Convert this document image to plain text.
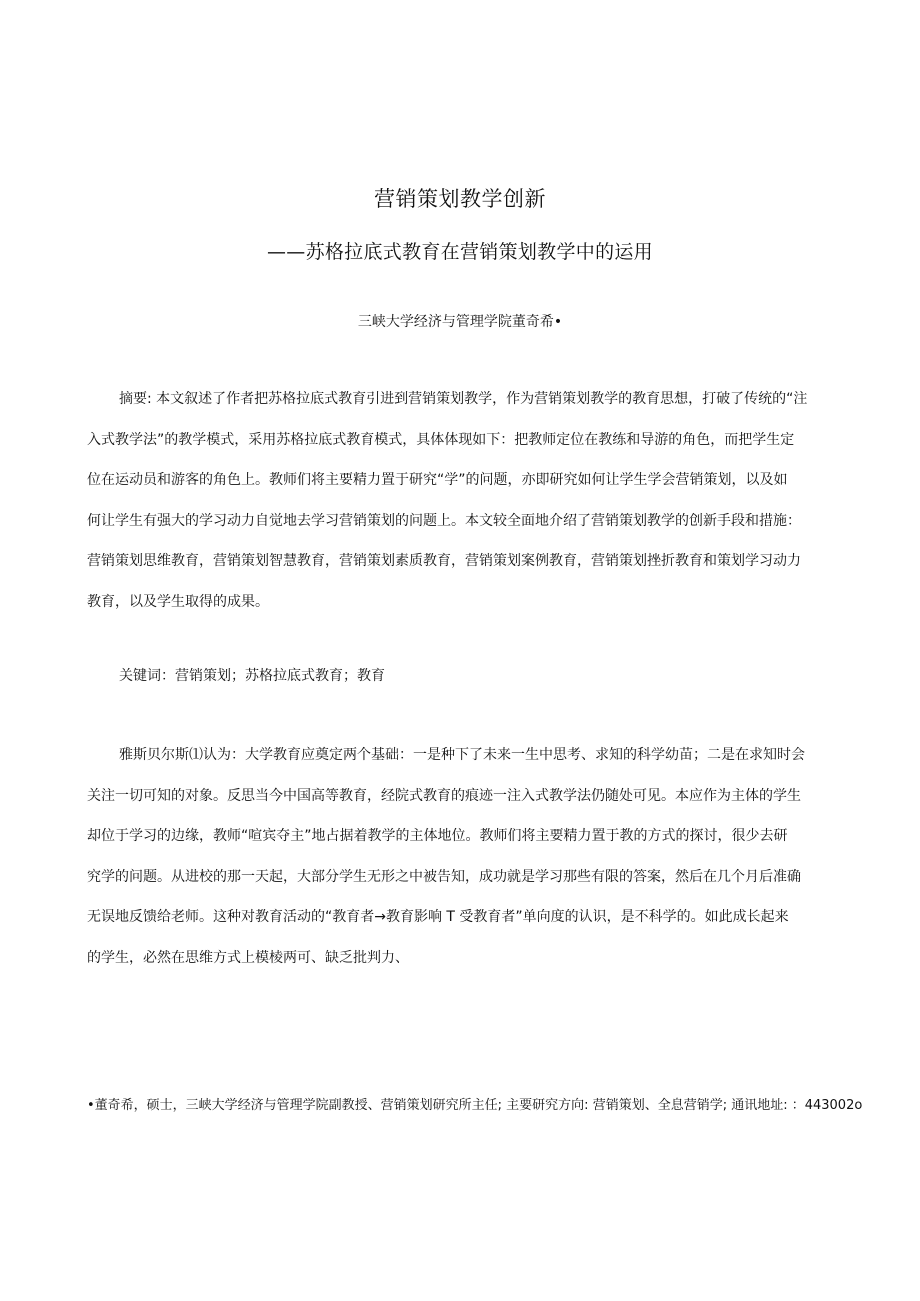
营销策划教学创新
——苏格拉底式教育在营销策划教学中的运用
三峡大学经济与管理学院董奇希•
摘要: 本文叙述了作者把苏格拉底式教育引进到营销策划教学，作为营销策划教学的教育思想，打破了传统的“注
入式教学法”的教学模式，采用苏格拉底式教育模式，具体体现如下：把教师定位在教练和导游的角色，而把学生定
位在运动员和游客的角色上。教师们将主要精力置于研究“学”的问题，亦即研究如何让学生学会营销策划，以及如
何让学生有强大的学习动力自觉地去学习营销策划的问题上。本文较全面地介绍了营销策划教学的创新手段和措施：
营销策划思维教育，营销策划智慧教育，营销策划素质教育，营销策划案例教育，营销策划挫折教育和策划学习动力
教育，以及学生取得的成果。
关键词：营销策划；苏格拉底式教育；教育
雅斯贝尔斯⑴认为：大学教育应奠定两个基础：一是种下了未来一生中思考、求知的科学幼苗；二是在求知时会
关注一切可知的对象。反思当今中国高等教育，经院式教育的痕迹一注入式教学法仍随处可见。本应作为主体的学生
却位于学习的边缘，教师“喧宾夺主”地占据着教学的主体地位。教师们将主要精力置于教的方式的探讨，很少去研
究学的问题。从进校的那一天起，大部分学生无形之中被告知，成功就是学习那些有限的答案，然后在几个月后准确
无误地反馈给老师。这种对教育活动的“教育者→教育影响 T 受教育者”单向度的认识，是不科学的。如此成长起来
的学生，必然在思维方式上模棱两可、缺乏批判力、
•董奇希，硕士，三峡大学经济与管理学院副教授、营销策划研究所主任; 主要研究方向: 营销策划、全息营销学; 通讯地址: ：443002o
